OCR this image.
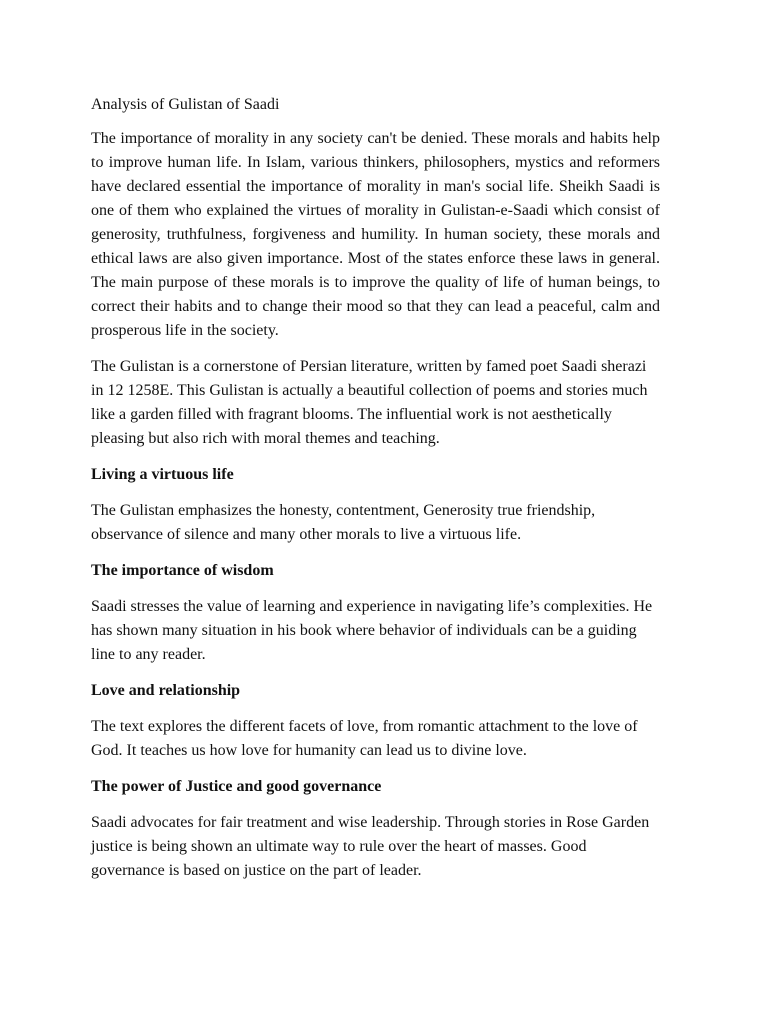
Analysis of Gulistan of Saadi

The importance of morality in any society can't be denied. These morals and habits help to improve human life. In Islam, various thinkers, philosophers, mystics and reformers have declared essential the importance of morality in man's social life. Sheikh Saadi is one of them who explained the virtues of morality in Gulistan-e-Saadi which consist of generosity, truthfulness, forgiveness and humility. In human society, these morals and ethical laws are also given importance. Most of the states enforce these laws in general. The main purpose of these morals is to improve the quality of life of human beings, to correct their habits and to change their mood so that they can lead a peaceful, calm and prosperous life in the society.

The Gulistan is a cornerstone of Persian literature, written by famed poet Saadi sherazi in 12 1258E. This Gulistan is actually a beautiful collection of poems and stories much like a garden filled with fragrant blooms. The influential work is not aesthetically pleasing but also rich with moral themes and teaching.

Living a virtuous life

The Gulistan emphasizes the honesty, contentment, Generosity true friendship, observance of silence and many other morals to live a virtuous life.

The importance of wisdom

Saadi stresses the value of learning and experience in navigating life’s complexities. He has shown many situation in his book where behavior of individuals can be a guiding line to any reader.

Love and relationship

The text explores the different facets of love, from romantic attachment to the love of God. It teaches us how love for humanity can lead us to divine love.

The power of Justice and good governance

Saadi advocates for fair treatment and wise leadership. Through stories in Rose Garden justice is being shown an ultimate way to rule over the heart of masses. Good governance is based on justice on the part of leader.
